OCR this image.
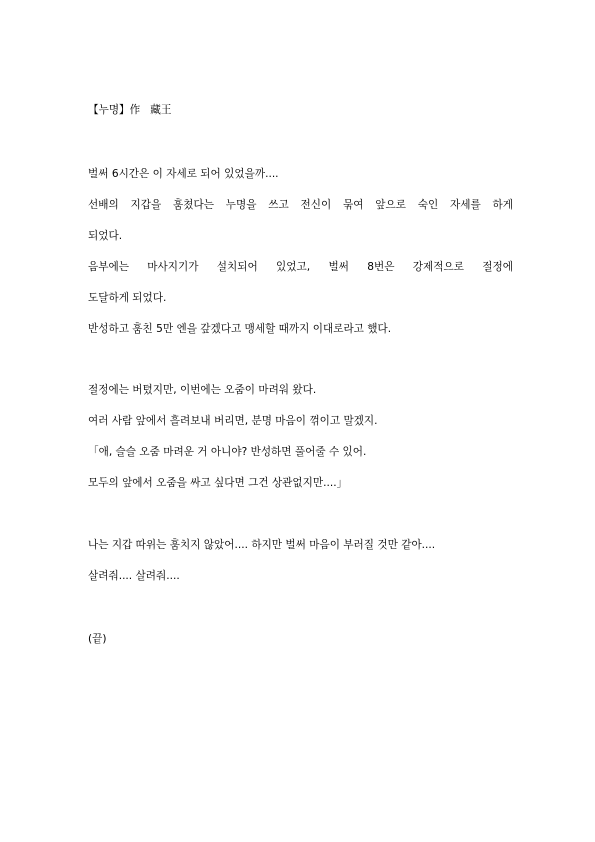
【누명】作 藏王
벌써 6시간은 이 자세로 되어 있었을까....
선배의 지갑을 훔쳤다는 누명을 쓰고 전신이 묶여 앞으로 숙인 자세를 하게
되었다.
음부에는 마사지기가 설치되어 있었고, 벌써 8번은 강제적으로 절정에
도달하게 되었다.
반성하고 훔친 5만 엔을 갚겠다고 맹세할 때까지 이대로라고 했다.
절정에는 버텼지만, 이번에는 오줌이 마려워 왔다.
여러 사람 앞에서 흘려보내 버리면, 분명 마음이 꺾이고 말겠지.
「애, 슬슬 오줌 마려운 거 아니야? 반성하면 풀어줄 수 있어.
모두의 앞에서 오줌을 싸고 싶다면 그건 상관없지만....」
나는 지갑 따위는 훔치지 않았어.... 하지만 벌써 마음이 부러질 것만 같아....
살려줘.... 살려줘....
(끝)
